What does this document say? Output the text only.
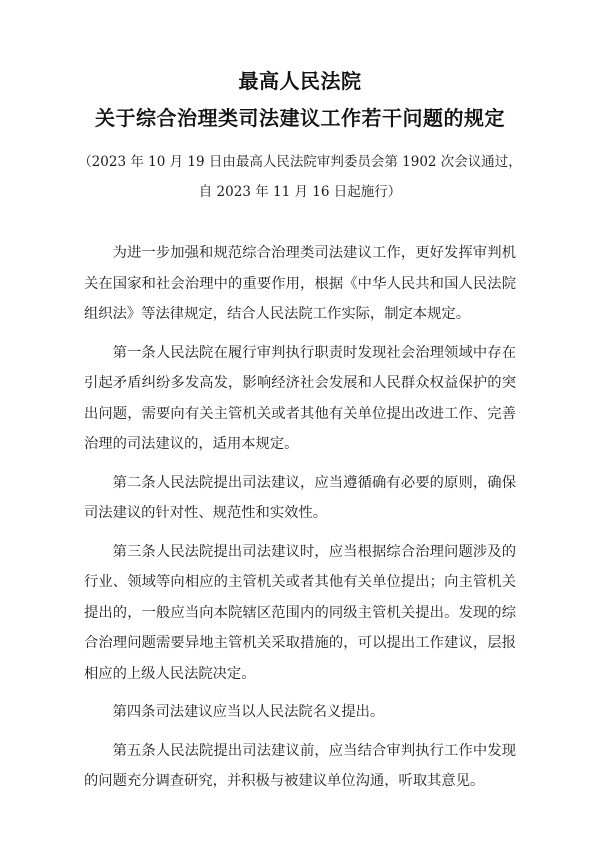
最高人民法院
关于综合治理类司法建议工作若干问题的规定
（2023 年 10 月 19 日由最高人民法院审判委员会第 1902 次会议通过，
自 2023 年 11 月 16 日起施行）

为进一步加强和规范综合治理类司法建议工作，更好发挥审判机关在国家和社会治理中的重要作用，根据《中华人民共和国人民法院组织法》等法律规定，结合人民法院工作实际，制定本规定。

第一条人民法院在履行审判执行职责时发现社会治理领域中存在引起矛盾纠纷多发高发，影响经济社会发展和人民群众权益保护的突出问题，需要向有关主管机关或者其他有关单位提出改进工作、完善治理的司法建议的，适用本规定。

第二条人民法院提出司法建议，应当遵循确有必要的原则，确保司法建议的针对性、规范性和实效性。

第三条人民法院提出司法建议时，应当根据综合治理问题涉及的行业、领域等向相应的主管机关或者其他有关单位提出；向主管机关提出的，一般应当向本院辖区范围内的同级主管机关提出。发现的综合治理问题需要异地主管机关采取措施的，可以提出工作建议，层报相应的上级人民法院决定。

第四条司法建议应当以人民法院名义提出。

第五条人民法院提出司法建议前，应当结合审判执行工作中发现的问题充分调查研究，并积极与被建议单位沟通，听取其意见。
